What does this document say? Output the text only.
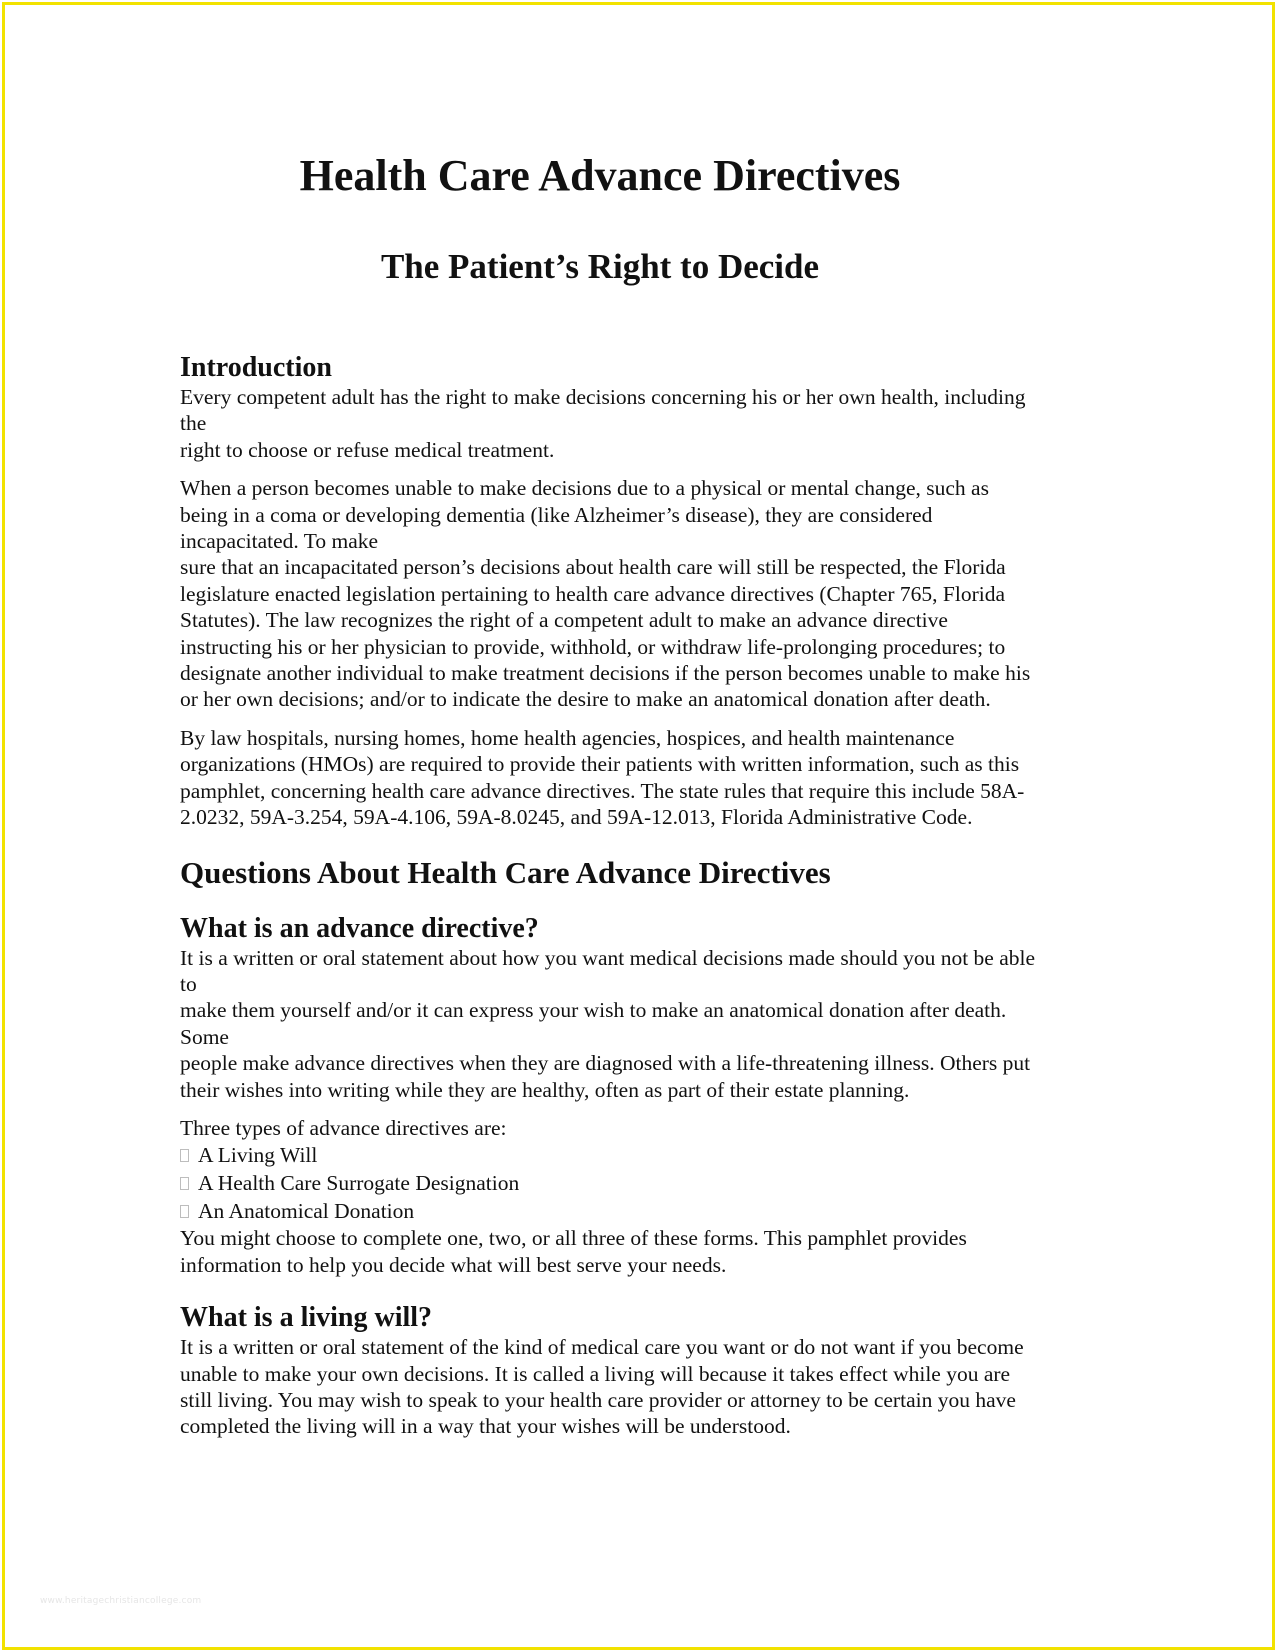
Health Care Advance Directives
The Patient’s Right to Decide
Introduction
Every competent adult has the right to make decisions concerning his or her own health, including
the
right to choose or refuse medical treatment.
When a person becomes unable to make decisions due to a physical or mental change, such as
being in a coma or developing dementia (like Alzheimer’s disease), they are considered
incapacitated. To make
sure that an incapacitated person’s decisions about health care will still be respected, the Florida
legislature enacted legislation pertaining to health care advance directives (Chapter 765, Florida
Statutes). The law recognizes the right of a competent adult to make an advance directive
instructing his or her physician to provide, withhold, or withdraw life-prolonging procedures; to
designate another individual to make treatment decisions if the person becomes unable to make his
or her own decisions; and/or to indicate the desire to make an anatomical donation after death.
By law hospitals, nursing homes, home health agencies, hospices, and health maintenance
organizations (HMOs) are required to provide their patients with written information, such as this
pamphlet, concerning health care advance directives. The state rules that require this include 58A-
2.0232, 59A-3.254, 59A-4.106, 59A-8.0245, and 59A-12.013, Florida Administrative Code.
Questions About Health Care Advance Directives
What is an advance directive?
It is a written or oral statement about how you want medical decisions made should you not be able
to
make them yourself and/or it can express your wish to make an anatomical donation after death.
Some
people make advance directives when they are diagnosed with a life-threatening illness. Others put
their wishes into writing while they are healthy, often as part of their estate planning.
Three types of advance directives are:
A Living Will
A Health Care Surrogate Designation
An Anatomical Donation
You might choose to complete one, two, or all three of these forms. This pamphlet provides
information to help you decide what will best serve your needs.
What is a living will?
It is a written or oral statement of the kind of medical care you want or do not want if you become
unable to make your own decisions. It is called a living will because it takes effect while you are
still living. You may wish to speak to your health care provider or attorney to be certain you have
completed the living will in a way that your wishes will be understood.
www.heritagechristiancollege.com
